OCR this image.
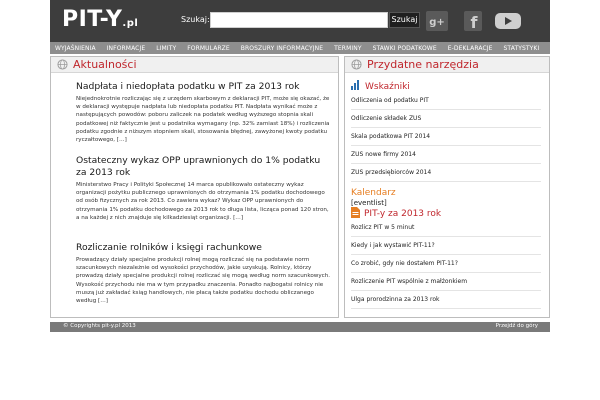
PIT-Y.pl	Szukaj:	Szukaj g+ f
WYJAŚNIENIA INFORMACJE LIMITY FORMULARZE BROSZURY INFORMACYJNE TERMINY STAWKI PODATKOWE E-DEKLARACJE STATYSTYKI
Aktualności
Nadpłata i niedopłata podatku w PIT za 2013 rok

Niejednokrotnie rozliczając się z urzędem skarbowym z deklaracji PIT, może się okazać, że w deklaracji występuje nadpłata lub niedopłata podatku PIT. Nadpłata wynikać może z następujących powodów: poboru zaliczek na podatek według wyższego stopnia skali podatkowej niż faktycznie jest u podatnika wymagany (np. 32% zamiast 18%) i rozliczenia podatku zgodnie z niższym stopniem skali, stosowania błędnej, zawyżonej kwoty podatku ryczałtowego, […]

Ostateczny wykaz OPP uprawnionych do 1% podatku za 2013 rok

Ministerstwo Pracy i Polityki Społecznej 14 marca opublikowało ostateczny wykaz organizacji pożytku publicznego uprawnionych do otrzymania 1% podatku dochodowego od osób fizycznych za rok 2013. Co zawiera wykaz? Wykaz OPP uprawnionych do otrzymania 1% podatku dochodowego za 2013 rok to długa lista, licząca ponad 120 stron, a na każdej z nich znajduje się kilkadziesiąt organizacji. […]

Rozliczanie rolników i księgi rachunkowe

Prowadzący działy specjalne produkcji rolnej mogą rozliczać się na podstawie norm szacunkowych niezależnie od wysokości przychodów, jakie uzyskują. Rolnicy, którzy prowadzą działy specjalne produkcji rolnej rozliczać się mogą według norm szacunkowych. Wysokość przychodu nie ma w tym przypadku znaczenia. Ponadto najbogatsi rolnicy nie muszą już zakładać ksiąg handlowych, nie płacą także podatku dochodu obliczanego według […]

Przydatne narzędzia
Wskaźniki
Odliczenia od podatku PIT
Odliczenie składek ZUS
Skala podatkowa PIT 2014
ZUS nowe firmy 2014
ZUS przedsiębiorców 2014
Kalendarz
[eventlist]
PIT-y za 2013 rok
Rozlicz PIT w 5 minut
Kiedy i jak wystawić PIT-11?
Co zrobić, gdy nie dostałem PIT-11?
Rozliczenie PIT wspólnie z małżonkiem
Ulga prorodzinna za 2013 rok
© Copyrights pit-y.pl 2013	Przejdź do góry
